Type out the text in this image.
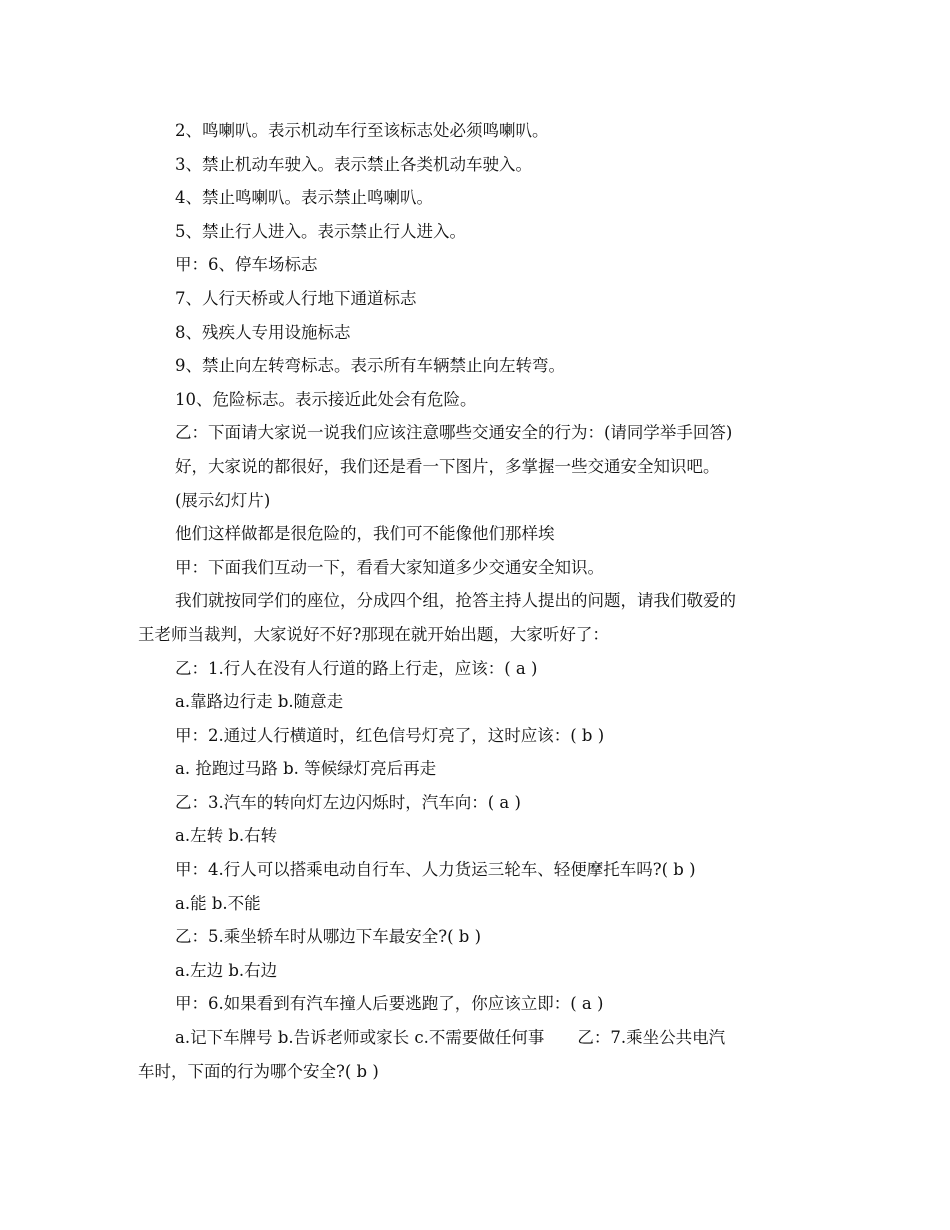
2、鸣喇叭。表示机动车行至该标志处必须鸣喇叭。
3、禁止机动车驶入。表示禁止各类机动车驶入。
4、禁止鸣喇叭。表示禁止鸣喇叭。
5、禁止行人进入。表示禁止行人进入。
甲：6、停车场标志
7、人行天桥或人行地下通道标志
8、残疾人专用设施标志
9、禁止向左转弯标志。表示所有车辆禁止向左转弯。
10、危险标志。表示接近此处会有危险。
乙：下面请大家说一说我们应该注意哪些交通安全的行为：(请同学举手回答)
好，大家说的都很好，我们还是看一下图片，多掌握一些交通安全知识吧。
(展示幻灯片)
他们这样做都是很危险的，我们可不能像他们那样埃
甲：下面我们互动一下，看看大家知道多少交通安全知识。
我们就按同学们的座位，分成四个组，抢答主持人提出的问题，请我们敬爱的
王老师当裁判，大家说好不好?那现在就开始出题，大家听好了：
乙：1.行人在没有人行道的路上行走，应该：( a )
a.靠路边行走 b.随意走
甲：2.通过人行横道时，红色信号灯亮了，这时应该：( b )
a. 抢跑过马路 b. 等候绿灯亮后再走
乙：3.汽车的转向灯左边闪烁时，汽车向：( a )
a.左转 b.右转
甲：4.行人可以搭乘电动自行车、人力货运三轮车、轻便摩托车吗?( b )
a.能 b.不能
乙：5.乘坐轿车时从哪边下车最安全?( b )
a.左边 b.右边
甲：6.如果看到有汽车撞人后要逃跑了，你应该立即：( a )
a.记下车牌号 b.告诉老师或家长 c.不需要做任何事　　乙：7.乘坐公共电汽
车时，下面的行为哪个安全?( b )
